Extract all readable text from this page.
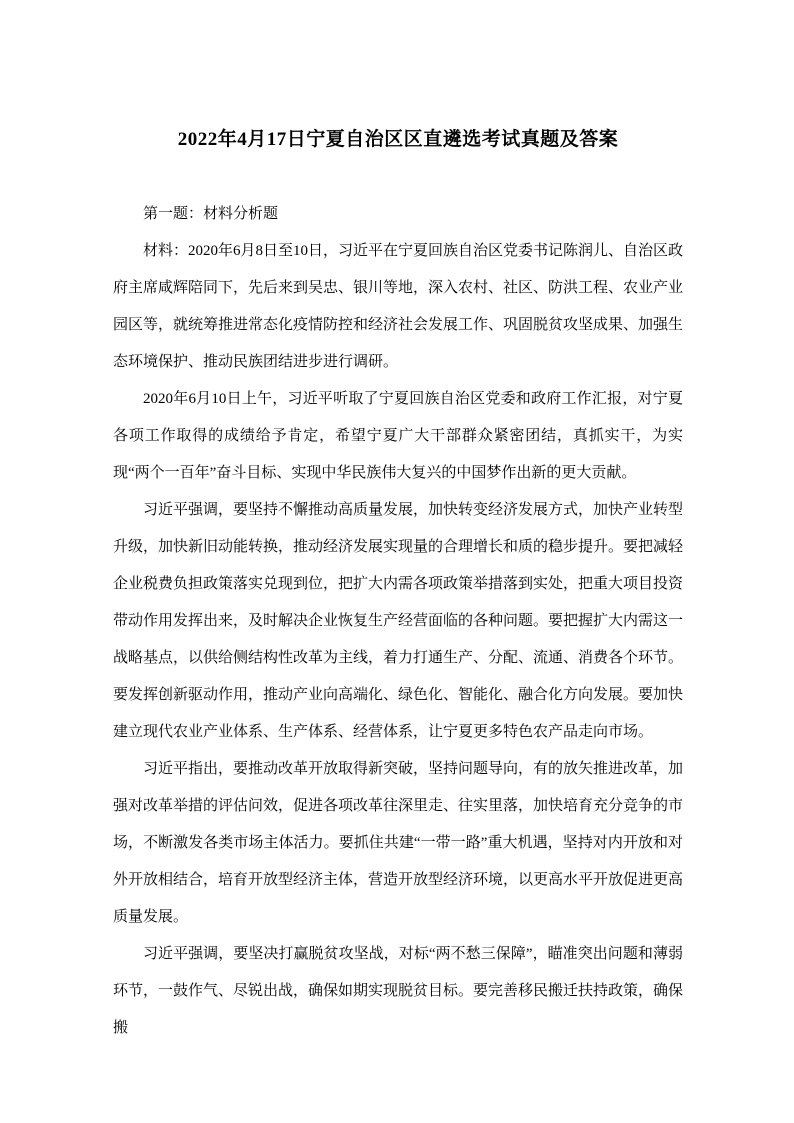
2022年4月17日宁夏自治区区直遴选考试真题及答案

第一题：材料分析题

材料：2020年6月8日至10日，习近平在宁夏回族自治区党委书记陈润儿、自治区政府主席咸辉陪同下，先后来到吴忠、银川等地，深入农村、社区、防洪工程、农业产业园区等，就统筹推进常态化疫情防控和经济社会发展工作、巩固脱贫攻坚成果、加强生态环境保护、推动民族团结进步进行调研。

2020年6月10日上午，习近平听取了宁夏回族自治区党委和政府工作汇报，对宁夏各项工作取得的成绩给予肯定，希望宁夏广大干部群众紧密团结，真抓实干，为实现“两个一百年”奋斗目标、实现中华民族伟大复兴的中国梦作出新的更大贡献。

习近平强调，要坚持不懈推动高质量发展，加快转变经济发展方式，加快产业转型升级，加快新旧动能转换，推动经济发展实现量的合理增长和质的稳步提升。要把减轻企业税费负担政策落实兑现到位，把扩大内需各项政策举措落到实处，把重大项目投资带动作用发挥出来，及时解决企业恢复生产经营面临的各种问题。要把握扩大内需这一战略基点，以供给侧结构性改革为主线，着力打通生产、分配、流通、消费各个环节。要发挥创新驱动作用，推动产业向高端化、绿色化、智能化、融合化方向发展。要加快建立现代农业产业体系、生产体系、经营体系，让宁夏更多特色农产品走向市场。

习近平指出，要推动改革开放取得新突破，坚持问题导向，有的放矢推进改革，加强对改革举措的评估问效，促进各项改革往深里走、往实里落，加快培育充分竞争的市场，不断激发各类市场主体活力。要抓住共建“一带一路”重大机遇，坚持对内开放和对外开放相结合，培育开放型经济主体，营造开放型经济环境，以更高水平开放促进更高质量发展。

习近平强调，要坚决打赢脱贫攻坚战，对标“两不愁三保障”，瞄准突出问题和薄弱环节，一鼓作气、尽锐出战，确保如期实现脱贫目标。要完善移民搬迁扶持政策，确保搬
